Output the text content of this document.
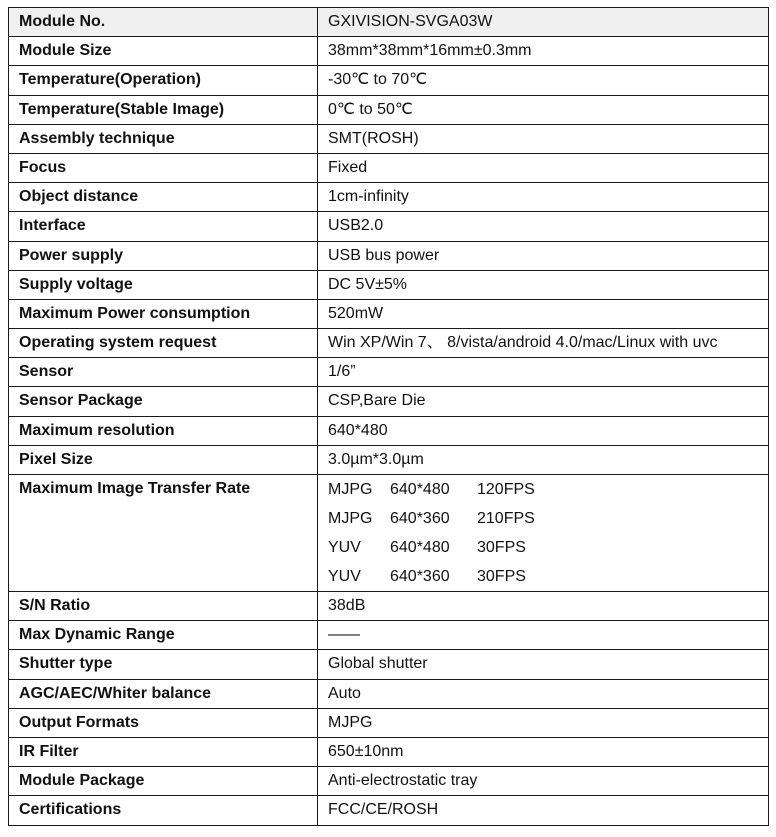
Module No.	GXIVISION-SVGA03W
Module Size	38mm*38mm*16mm±0.3mm
Temperature(Operation)	-30℃ to 70℃
Temperature(Stable Image)	0℃ to 50℃
Assembly technique	SMT(ROSH)
Focus	Fixed
Object distance	1cm-infinity
Interface	USB2.0
Power supply	USB bus power
Supply voltage	DC 5V±5%
Maximum Power consumption	520mW
Operating system request	Win XP/Win 7、 8/vista/android 4.0/mac/Linux with uvc
Sensor	1/6”
Sensor Package	CSP,Bare Die
Maximum resolution	640*480
Pixel Size	3.0µm*3.0µm
Maximum Image Transfer Rate	MJPG 640*480 120FPS
MJPG 640*360 210FPS
YUV 640*480 30FPS
YUV 640*360 30FPS

S/N Ratio	38dB
Max Dynamic Range	——
Shutter type	Global shutter
AGC/AEC/Whiter balance	Auto
Output Formats	MJPG
IR Filter	650±10nm
Module Package	Anti-electrostatic tray
Certifications	FCC/CE/ROSH
